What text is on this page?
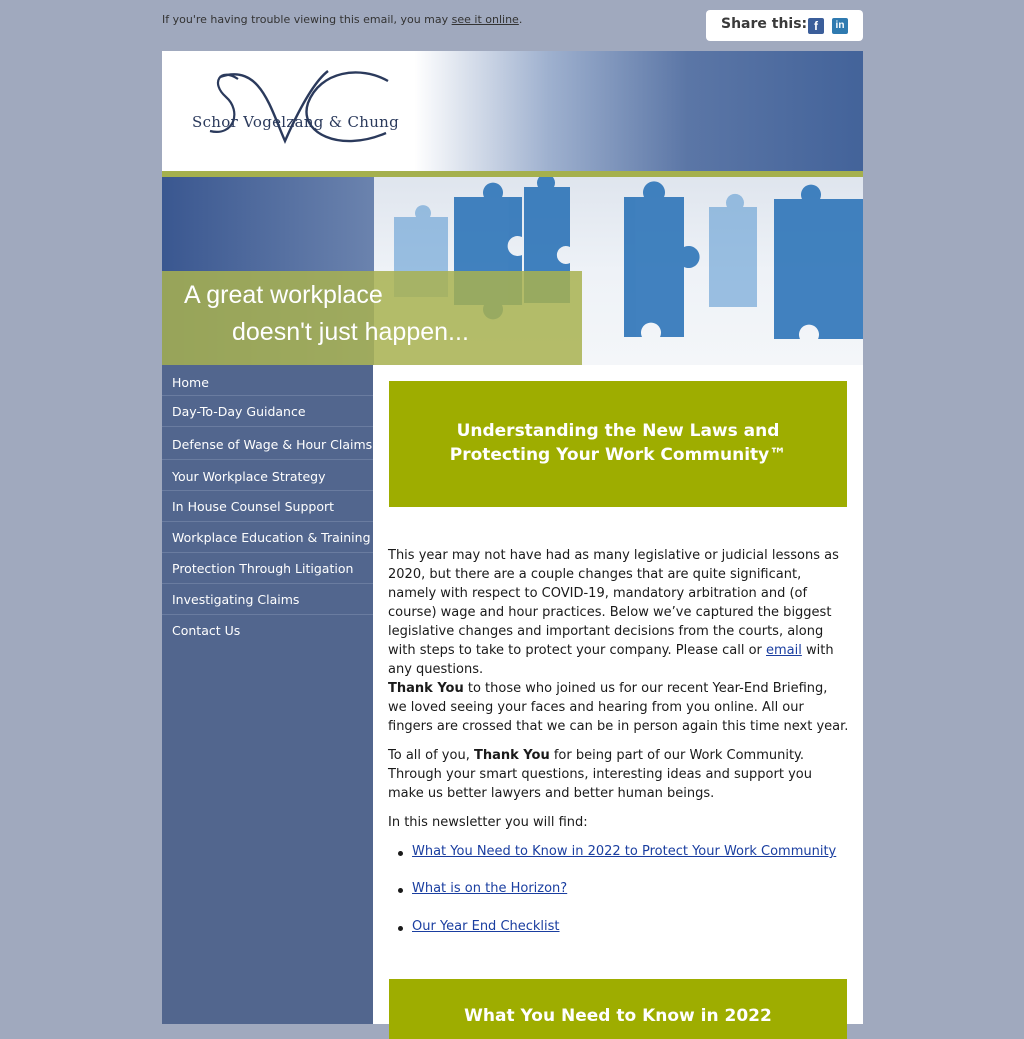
If you're having trouble viewing this email, you may see it online.	Share this: f	in
Schor Vogelzang & Chung
A great workplace
doesn't just happen...
Home
Day-To-Day Guidance
Defense of Wage & Hour Claims
Your Workplace Strategy
In House Counsel Support
Workplace Education & Training
Protection Through Litigation
Investigating Claims
Contact Us
Understanding the New Laws and
Protecting Your Work Community™
This year may not have had as many legislative or judicial lessons as 2020, but there are a couple changes that are quite significant, namely with respect to COVID-19, mandatory arbitration and (of course) wage and hour practices. Below we’ve captured the biggest legislative changes and important decisions from the courts, along with steps to take to protect your company. Please call or email with any questions.
Thank You to those who joined us for our recent Year-End Briefing, we loved seeing your faces and hearing from you online. All our fingers are crossed that we can be in person again this time next year.
To all of you, Thank You for being part of our Work Community. Through your smart questions, interesting ideas and support you make us better lawyers and better human beings.
In this newsletter you will find:
What You Need to Know in 2022 to Protect Your Work Community
What is on the Horizon?
Our Year End Checklist
What You Need to Know in 2022
